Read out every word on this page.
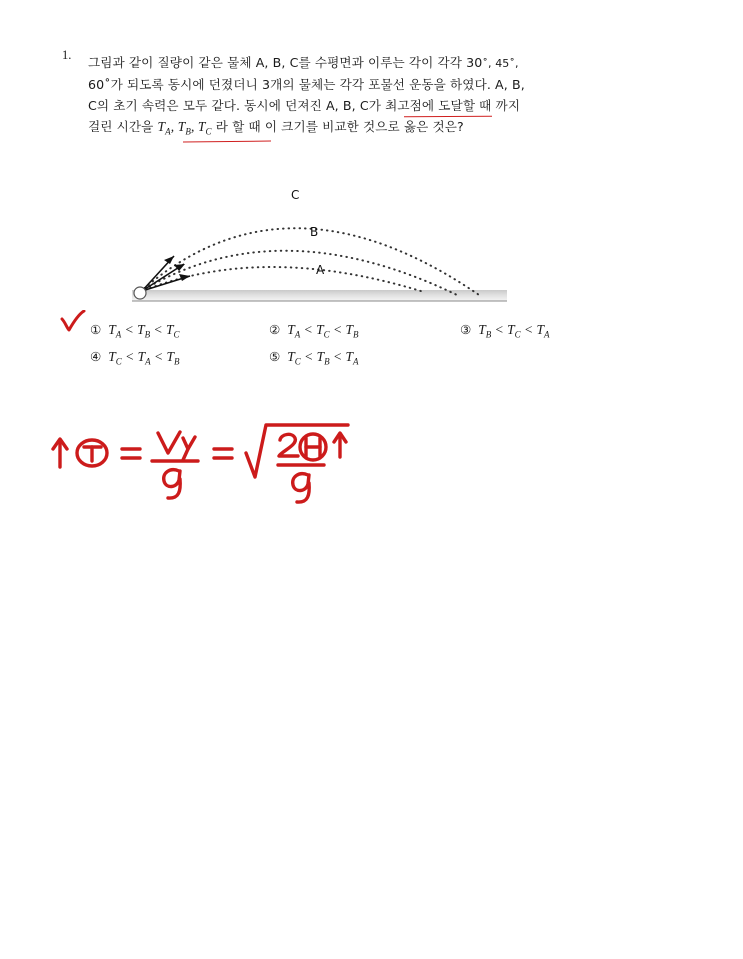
1. 그림과 같이 질량이 같은 물체 A, B, C를 수평면과 이루는 각이 각각 30˚, 45˚,
60˚가 되도록 동시에 던졌더니 3개의 물체는 각각 포물선 운동을 하였다. A, B,
C의 초기 속력은 모두 같다. 동시에 던져진 A, B, C가 최고점에 도달할 때 까지
걸린 시간을 $T_A$, $T_B$, $T_C$ 라 할 때 이 크기를 비교한 것으로 옳은 것은?
C
B
A
① $T_A < T_B < T_C$	② $T_A < T_C < T_B$	③ $T_B < T_C < T_A$
④ $T_C < T_A < T_B$	⑤ $T_C < T_B < T_A$
